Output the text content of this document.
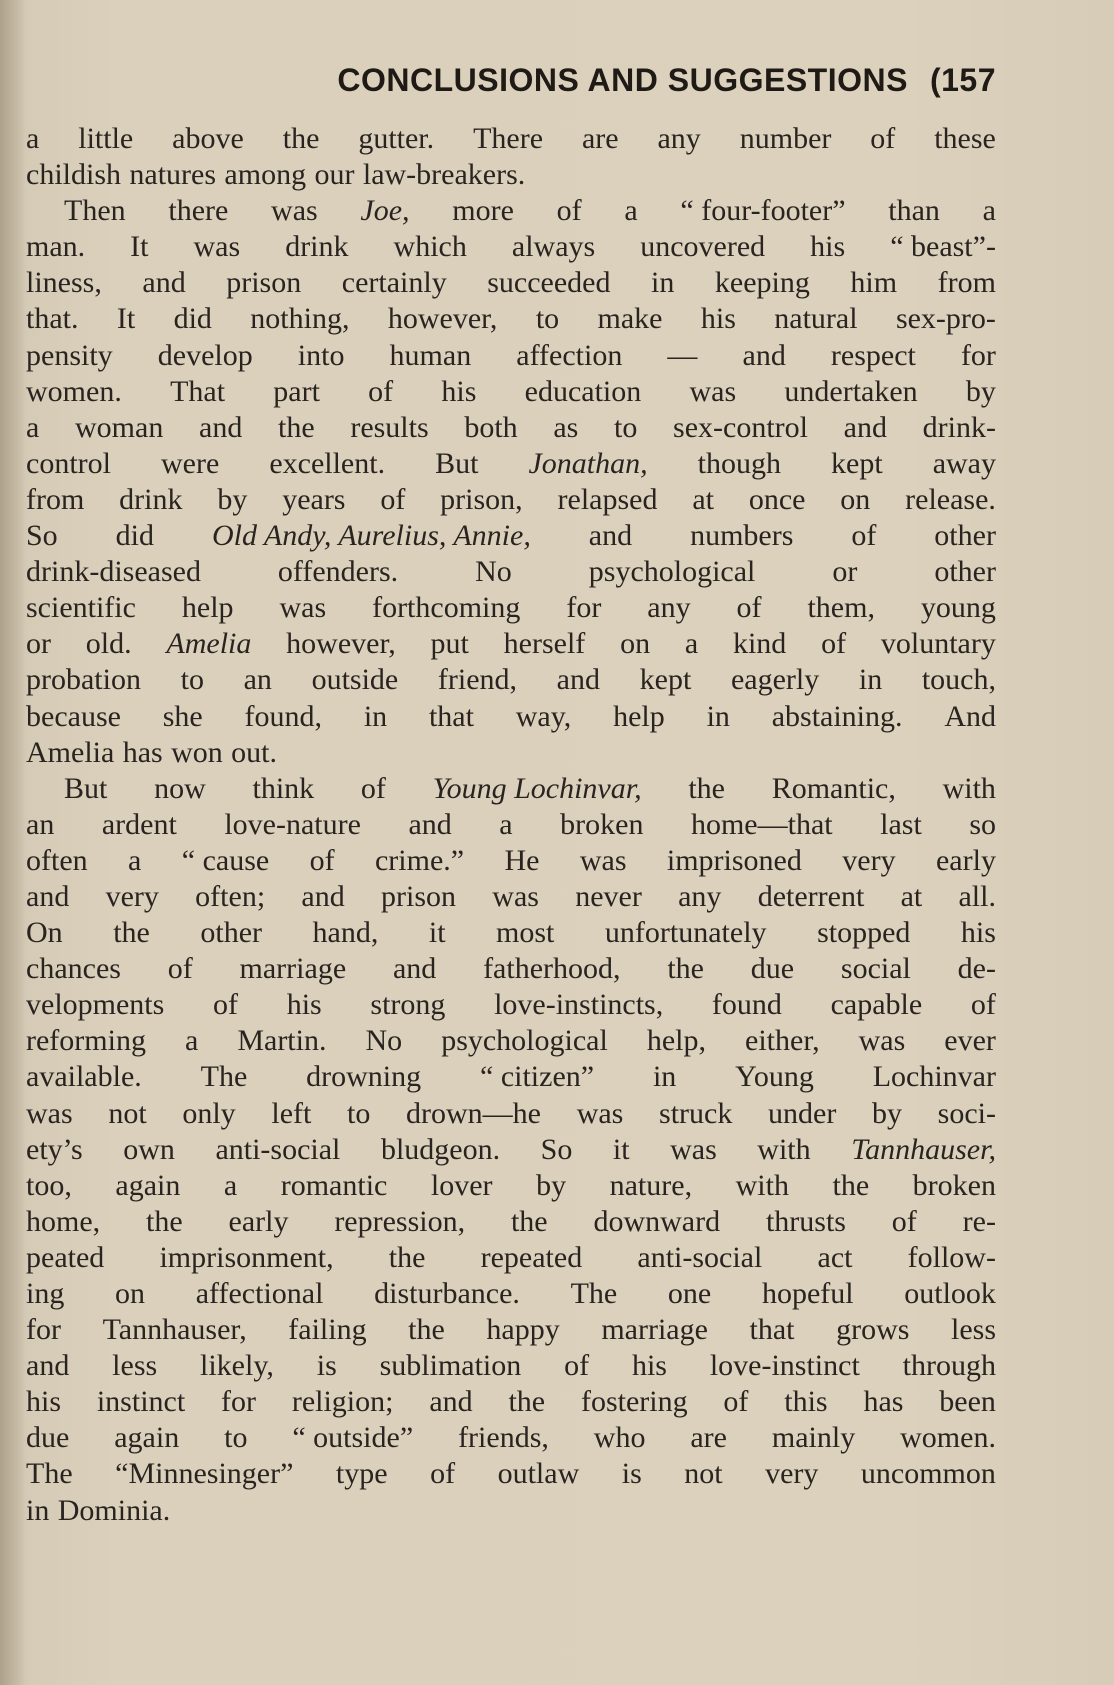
CONCLUSIONS AND SUGGESTIONS (157
a little above the gutter. There are any number of these
childish natures among our law-breakers.
Then there was Joe, more of a “ four-footer” than a
man. It was drink which always uncovered his “ beast”-
liness, and prison certainly succeeded in keeping him from
that. It did nothing, however, to make his natural sex-pro-
pensity develop into human affection — and respect for
women. That part of his education was undertaken by
a woman and the results both as to sex-control and drink-
control were excellent. But Jonathan, though kept away
from drink by years of prison, relapsed at once on release.
So did Old Andy, Aurelius, Annie, and numbers of other
drink-diseased	offenders.	No	psychological	or	other
scientific help was forthcoming for any of them, young
or old. Amelia however, put herself on a kind of voluntary
probation to an outside friend, and kept eagerly in touch,
because she found, in that way, help in abstaining. And
Amelia has won out.
But now think of Young Lochinvar, the Romantic, with
an ardent love-nature and a broken home—that last so
often a “ cause of crime.” He was imprisoned very early
and very often; and prison was never any deterrent at all.
On the other hand, it most unfortunately stopped his
chances of marriage and fatherhood, the due social de-
velopments of his strong love-instincts, found capable of
reforming a Martin. No psychological help, either, was ever
available. The drowning “ citizen” in Young Lochinvar
was not only left to drown—he was struck under by soci-
ety’s own anti-social bludgeon. So it was with Tannhauser,
too, again a romantic lover by nature, with the broken
home, the early repression, the downward thrusts of re-
peated imprisonment, the repeated anti-social act follow-
ing on affectional disturbance. The one hopeful outlook
for Tannhauser, failing the happy marriage that grows less
and less likely, is sublimation of his love-instinct through
his instinct for religion; and the fostering of this has been
due again to “ outside” friends, who are mainly women.
The “Minnesinger” type of outlaw is not very uncommon
in Dominia.
